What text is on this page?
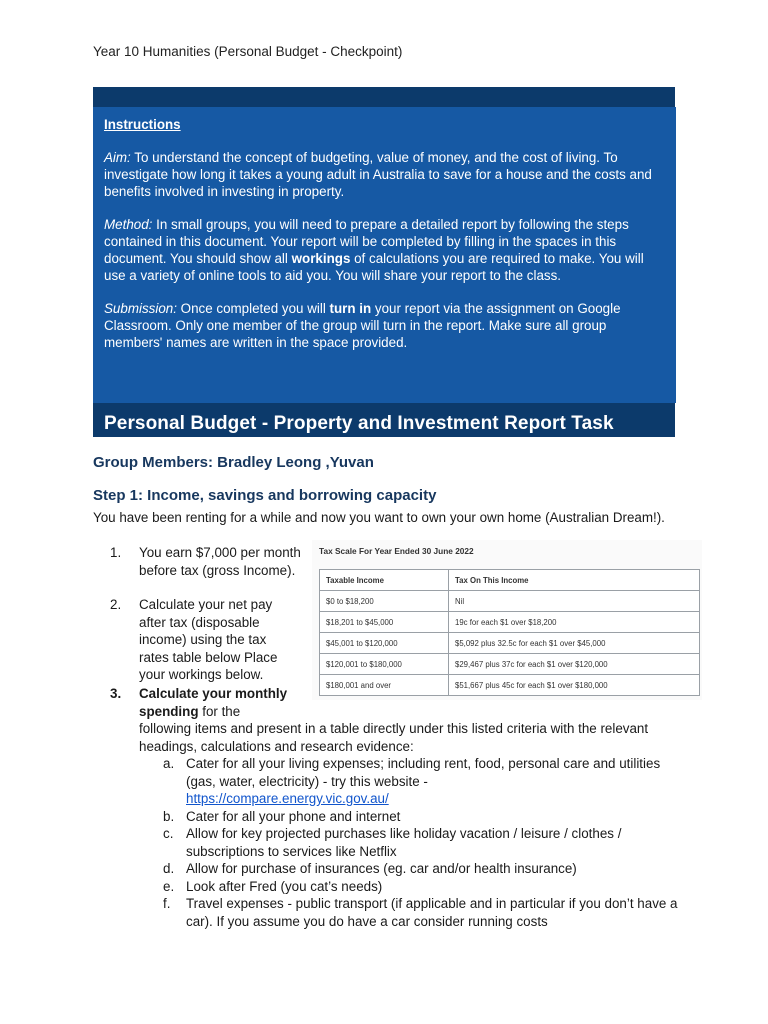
Year 10 Humanities (Personal Budget - Checkpoint)

Instructions

Aim: To understand the concept of budgeting, value of money, and the cost of living. To investigate how long it takes a young adult in Australia to save for a house and the costs and benefits involved in investing in property.

Method: In small groups, you will need to prepare a detailed report by following the steps contained in this document. Your report will be completed by filling in the spaces in this document. You should show all workings of calculations you are required to make. You will use a variety of online tools to aid you. You will share your report to the class.

Submission: Once completed you will turn in your report via the assignment on Google Classroom. Only one member of the group will turn in the report. Make sure all group members' names are written in the space provided.

Personal Budget - Property and Investment Report Task
Group Members: Bradley Leong ,Yuvan
Step 1: Income, savings and borrowing capacity
You have been renting for a while and now you want to own your own home (Australian Dream!).
1.	You earn $7,000 per month before tax (gross Income).
2.	Calculate your net pay after tax (disposable income) using the tax rates table below Place your workings below.
3.	Calculate your monthly spending for the
following items and present in a table directly under this listed criteria with the relevant headings, calculations and research evidence:
a. Cater for all your living expenses; including rent, food, personal care and utilities (gas, water, electricity) - try this website -
https://compare.energy.vic.gov.au/
b. Cater for all your phone and internet
c. Allow for key projected purchases like holiday vacation / leisure / clothes / subscriptions to services like Netflix
d. Allow for purchase of insurances (eg. car and/or health insurance)
e. Look after Fred (you cat’s needs)
f. Travel expenses - public transport (if applicable and in particular if you don’t have a car). If you assume you do have a car consider running costs
Tax Scale For Year Ended 30 June 2022
Taxable Income	Tax On This Income
$0 to $18,200	Nil
$18,201 to $45,000	19c for each $1 over $18,200
$45,001 to $120,000	$5,092 plus 32.5c for each $1 over $45,000
$120,001 to $180,000	$29,467 plus 37c for each $1 over $120,000
$180,001 and over	$51,667 plus 45c for each $1 over $180,000
